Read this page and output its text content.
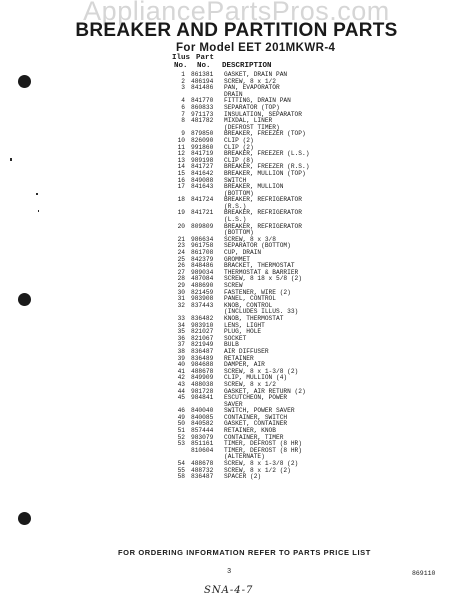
AppliancePartsPros.com
BREAKER AND PARTITION PARTS
For Model EET 201MKWR-4
Ilus Part
No. No. DESCRIPTION
1 861381	GASKET, DRAIN PAN
2 486194	SCREW, 8 x 1/2
3 841486	PAN, EVAPORATOR
DRAIN
4 841770	FITTING, DRAIN PAN
6 860833	SEPARATOR (TOP)
7 971173	INSULATION, SEPARATOR
8 481782	MIXDAL, LINER
(DEFROST TIMER)
9 879850	BREAKER, FREEZER (TOP)
10 826090	CLIP (2)
11 991860	CLIP (2)
12 841719	BREAKER, FREEZER (L.S.)
13 989198	CLIP (8)
14 841727	BREAKER, FREEZER (R.S.)
15 841642	BREAKER, MULLION (TOP)
16 849088	SWITCH
17 841643	BREAKER, MULLION
(BOTTOM)
18 841724	BREAKER, REFRIGERATOR
(R.S.)
19 841721	BREAKER, REFRIGERATOR
(L.S.)
20 809809	BREAKER, REFRIGERATOR
(BOTTOM)
21 986634	SCREW, 8 x 3/8
23 961758	SEPARATOR (BOTTOM)
24 861708	CUP, DRAIN
25 842379	GROMMET
26 848486	BRACKET, THERMOSTAT
27 989034	THERMOSTAT & BARRIER
28 487084	SCREW, 8 18 x 5/8 (2)
29 488690	SCREW
30 821459	FASTENER, WIRE (2)
31 983908	PANEL, CONTROL
32 837443	KNOB, CONTROL
(INCLUDES ILLUS. 33)
33 836482	KNOB, THERMOSTAT
34 983910	LENS, LIGHT
35 821027	PLUG, HOLE
36 821067	SOCKET
37 821949	BULB
38 836487	AIR DIFFUSER
39 836489	RETAINER
40 984688	DAMPER, AIR
41 488678	SCREW, 8 x 1-3/8 (2)
42 849909	CLIP, MULLION (4)
43 488038	SCREW, 8 x 1/2
44 981728	GASKET, AIR RETURN (2)
45 984841	ESCUTCHEON, POWER
SAVER
46 840040	SWITCH, POWER SAVER
49 840085	CONTAINER, SWITCH
50 840582	GASKET, CONTAINER
51 857444	RETAINER, KNOB
52 983079	CONTAINER, TIMER
53 851161	TIMER, DEFROST (8 HR)
810604	TIMER, DEFROST (8 HR)
(ALTERNATE)
54 488678	SCREW, 8 x 1-3/8 (2)
55 488732	SCREW, 8 x 1/2 (2)
58 836487	SPACER (2)
FOR ORDERING INFORMATION REFER TO PARTS PRICE LIST
3	869110
SNA-4-7
